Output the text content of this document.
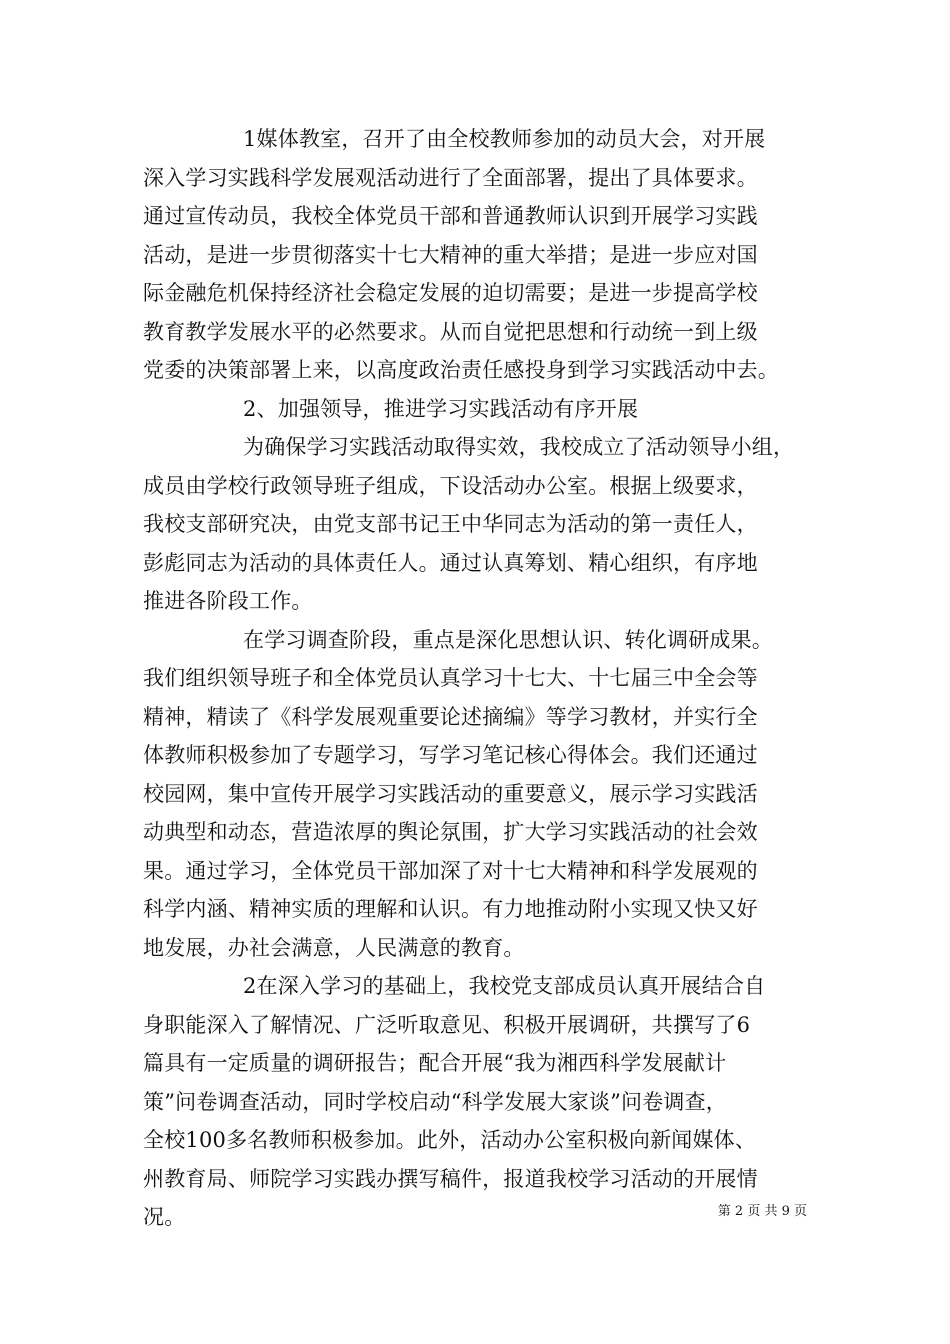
1媒体教室，召开了由全校教师参加的动员大会，对开展
深入学习实践科学发展观活动进行了全面部署，提出了具体要求。
通过宣传动员，我校全体党员干部和普通教师认识到开展学习实践
活动，是进一步贯彻落实十七大精神的重大举措；是进一步应对国
际金融危机保持经济社会稳定发展的迫切需要；是进一步提高学校
教育教学发展水平的必然要求。从而自觉把思想和行动统一到上级
党委的决策部署上来，以高度政治责任感投身到学习实践活动中去。
2、加强领导，推进学习实践活动有序开展
为确保学习实践活动取得实效，我校成立了活动领导小组，
成员由学校行政领导班子组成，下设活动办公室。根据上级要求，
我校支部研究决，由党支部书记王中华同志为活动的第一责任人，
彭彪同志为活动的具体责任人。通过认真筹划、精心组织，有序地
推进各阶段工作。
在学习调查阶段，重点是深化思想认识、转化调研成果。
我们组织领导班子和全体党员认真学习十七大、十七届三中全会等
精神，精读了《科学发展观重要论述摘编》等学习教材，并实行全
体教师积极参加了专题学习，写学习笔记核心得体会。我们还通过
校园网，集中宣传开展学习实践活动的重要意义，展示学习实践活
动典型和动态，营造浓厚的舆论氛围，扩大学习实践活动的社会效
果。通过学习，全体党员干部加深了对十七大精神和科学发展观的
科学内涵、精神实质的理解和认识。有力地推动附小实现又快又好
地发展，办社会满意，人民满意的教育。
2在深入学习的基础上，我校党支部成员认真开展结合自
身职能深入了解情况、广泛听取意见、积极开展调研，共撰写了6
篇具有一定质量的调研报告；配合开展“我为湘西科学发展献计
策”问卷调查活动，同时学校启动“科学发展大家谈”问卷调查，
全校100多名教师积极参加。此外，活动办公室积极向新闻媒体、
州教育局、师院学习实践办撰写稿件，报道我校学习活动的开展情
况。	第 2 页 共 9 页
